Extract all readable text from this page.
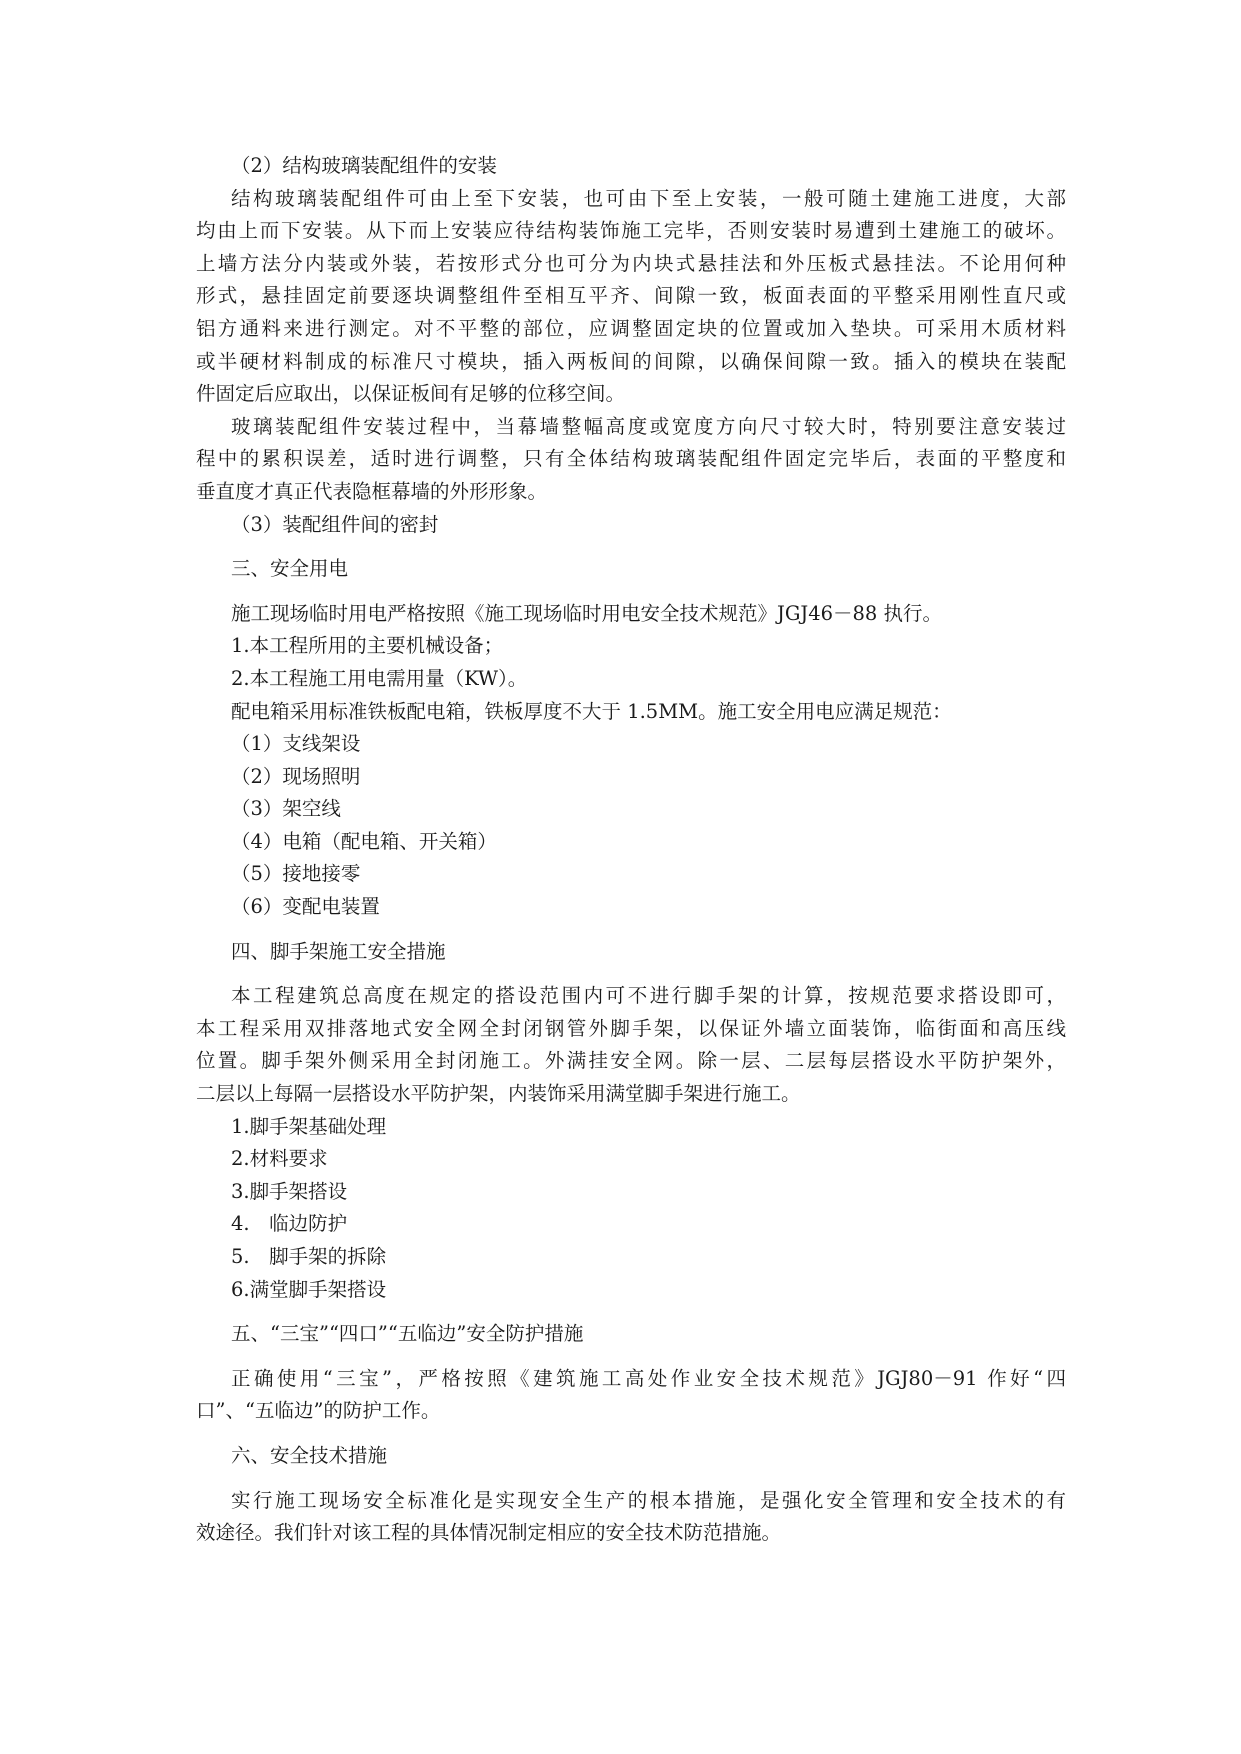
（2）结构玻璃装配组件的安装

结构玻璃装配组件可由上至下安装，也可由下至上安装，一般可随土建施工进度，大部

均由上而下安装。从下而上安装应待结构装饰施工完毕，否则安装时易遭到土建施工的破坏。

上墙方法分内装或外装，若按形式分也可分为内块式悬挂法和外压板式悬挂法。不论用何种

形式，悬挂固定前要逐块调整组件至相互平齐、间隙一致，板面表面的平整采用刚性直尺或

铝方通料来进行测定。对不平整的部位，应调整固定块的位置或加入垫块。可采用木质材料

或半硬材料制成的标准尺寸模块，插入两板间的间隙，以确保间隙一致。插入的模块在装配

件固定后应取出，以保证板间有足够的位移空间。

玻璃装配组件安装过程中，当幕墙整幅高度或宽度方向尺寸较大时，特别要注意安装过

程中的累积误差，适时进行调整，只有全体结构玻璃装配组件固定完毕后，表面的平整度和

垂直度才真正代表隐框幕墙的外形形象。

（3）装配组件间的密封

三、安全用电

施工现场临时用电严格按照《施工现场临时用电安全技术规范》JGJ46－88 执行。

1.本工程所用的主要机械设备；

2.本工程施工用电需用量（KW）。

配电箱采用标准铁板配电箱，铁板厚度不大于 1.5MM。施工安全用电应满足规范：

（1）支线架设

（2）现场照明

（3）架空线

（4）电箱（配电箱、开关箱）

（5）接地接零

（6）变配电装置

四、脚手架施工安全措施

本工程建筑总高度在规定的搭设范围内可不进行脚手架的计算，按规范要求搭设即可，

本工程采用双排落地式安全网全封闭钢管外脚手架，以保证外墙立面装饰，临街面和高压线

位置。脚手架外侧采用全封闭施工。外满挂安全网。除一层、二层每层搭设水平防护架外，

二层以上每隔一层搭设水平防护架，内装饰采用满堂脚手架进行施工。

1.脚手架基础处理

2.材料要求

3.脚手架搭设

4.　临边防护

5.　脚手架的拆除

6.满堂脚手架搭设

五、“三宝”“四口”“五临边”安全防护措施

正确使用“三宝”，严格按照《建筑施工高处作业安全技术规范》JGJ80－91 作好“四

口”、“五临边”的防护工作。

六、安全技术措施

实行施工现场安全标准化是实现安全生产的根本措施，是强化安全管理和安全技术的有

效途径。我们针对该工程的具体情况制定相应的安全技术防范措施。
